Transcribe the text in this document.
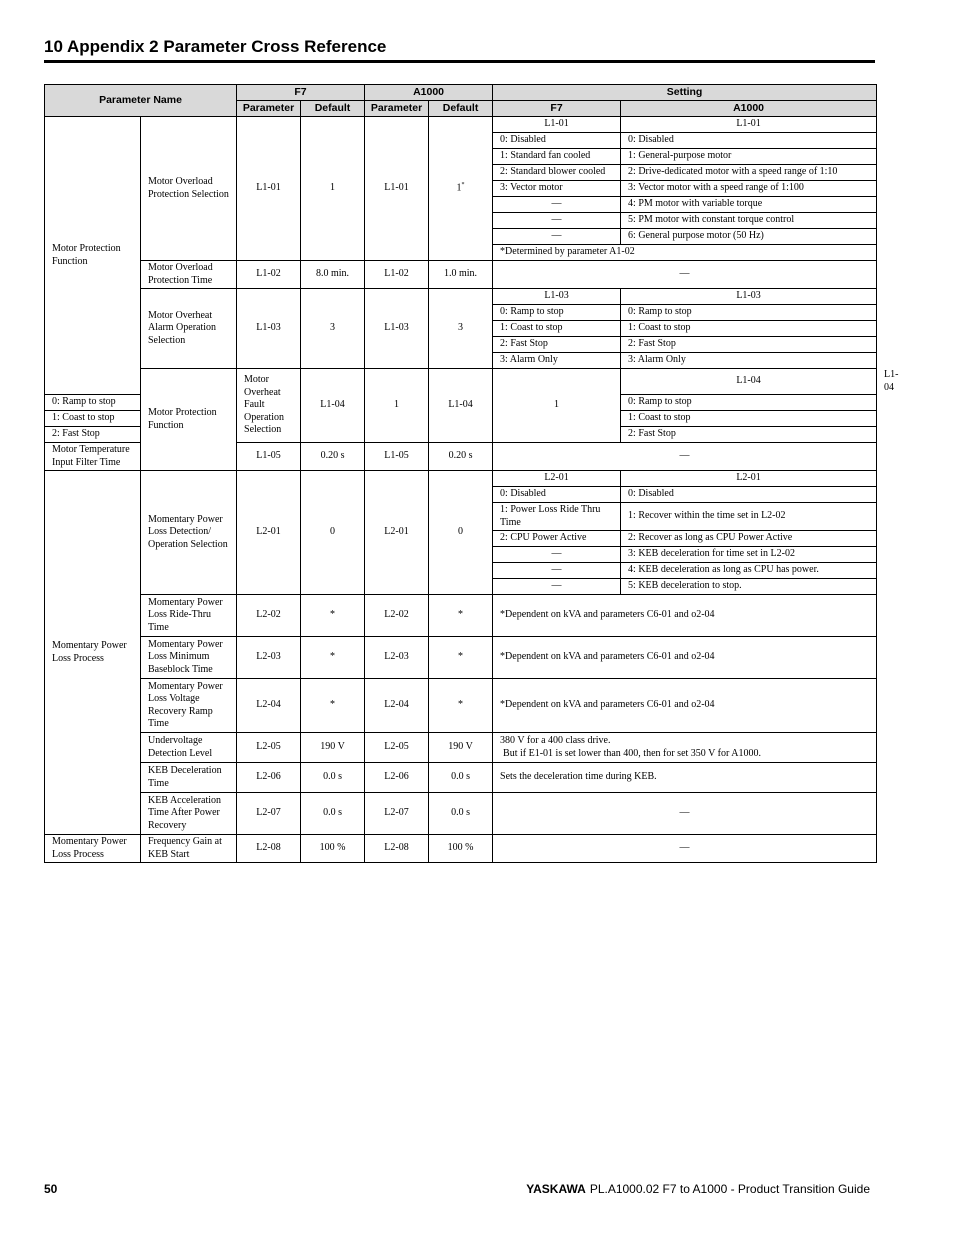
10 Appendix 2 Parameter Cross Reference
Parameter Name		F7		A1000		Setting		
		Parameter	Default	Parameter	Default	F7	A1000	
Motor Protection Function	Motor Overload Protection Selection	L1-01	1	L1-01	1*	L1-01	L1-01	
						0: Disabled	0: Disabled	
						1: Standard fan cooled	1: General-purpose motor	
						2: Standard blower cooled	2: Drive-dedicated motor with a speed range of 1:10	
						3: Vector motor	3: Vector motor with a speed range of 1:100	
						—	4: PM motor with variable torque	
						—	5: PM motor with constant torque control	
						—	6: General purpose motor (50 Hz)	
						*Determined by parameter A1-02		
	Motor Overload Protection Time	L1-02	8.0 min.	L1-02	1.0 min.	—		
	Motor Overheat Alarm Operation Selection	L1-03	3	L1-03	3	L1-03	L1-03	
						0: Ramp to stop	0: Ramp to stop	
						1: Coast to stop	1: Coast to stop	
						2: Fast Stop	2: Fast Stop	
						3: Alarm Only	3: Alarm Only	
	Motor Protection Function	Motor Overheat Fault Operation Selection	L1-04	1	L1-04	1	L1-04	L1-04
0: Ramp to stop							0: Ramp to stop	
1: Coast to stop							1: Coast to stop	
2: Fast Stop							2: Fast Stop	
Motor Temperature Input Filter Time		L1-05	0.20 s	L1-05	0.20 s	—		
Momentary Power Loss Process	Momentary Power Loss Detection/ Operation Selection	L2-01	0	L2-01	0	L2-01	L2-01	
						0: Disabled	0: Disabled	
						1: Power Loss Ride Thru Time	1: Recover within the time set in L2-02	
						2: CPU Power Active	2: Recover as long as CPU Power Active	
						—	3: KEB deceleration for time set in L2-02	
						—	4: KEB deceleration as long as CPU has power.	
						—	5: KEB deceleration to stop.	
	Momentary Power Loss Ride-Thru Time	L2-02	*	L2-02	*	*Dependent on kVA and parameters C6-01 and o2-04		
	Momentary Power Loss Minimum Baseblock Time	L2-03	*	L2-03	*	*Dependent on kVA and parameters C6-01 and o2-04		
	Momentary Power Loss Voltage Recovery Ramp Time	L2-04	*	L2-04	*	*Dependent on kVA and parameters C6-01 and o2-04		
	Undervoltage Detection Level	L2-05	190 V	L2-05	190 V	380 V for a 400 class drive.
But if E1-01 is set lower than 400, then for set 350 V for A1000.		

	KEB Deceleration Time	L2-06	0.0 s	L2-06	0.0 s	Sets the deceleration time during KEB.		
	KEB Acceleration Time After Power Recovery	L2-07	0.0 s	L2-07	0.0 s	—		
Momentary Power Loss Process	Frequency Gain at KEB Start	L2-08	100 %	L2-08	100 %	—		
50	YASKAWA PL.A1000.02 F7 to A1000 - Product Transition Guide
